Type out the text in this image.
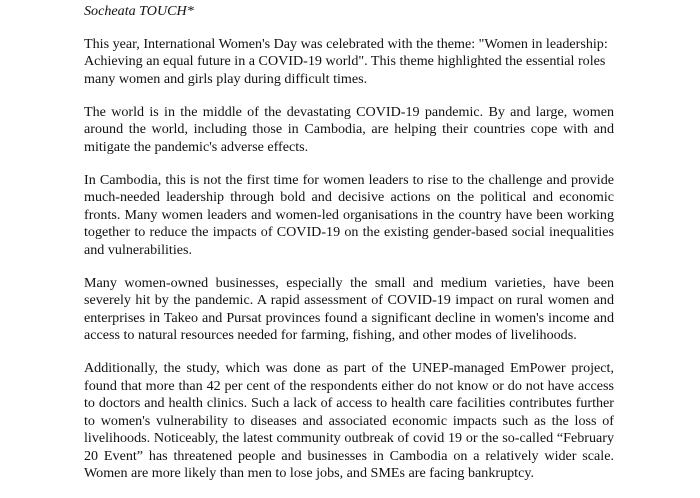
Socheata TOUCH*

This year, International Women's Day was celebrated with the theme: "Women in leadership: Achieving an equal future in a COVID-19 world". This theme highlighted the essential roles many women and girls play during difficult times.

The world is in the middle of the devastating COVID-19 pandemic. By and large, women around the world, including those in Cambodia, are helping their countries cope with and mitigate the pandemic's adverse effects.

In Cambodia, this is not the first time for women leaders to rise to the challenge and provide much-needed leadership through bold and decisive actions on the political and economic fronts. Many women leaders and women-led organisations in the country have been working together to reduce the impacts of COVID-19 on the existing gender-based social inequalities and vulnerabilities.

Many women-owned businesses, especially the small and medium varieties, have been severely hit by the pandemic. A rapid assessment of COVID-19 impact on rural women and enterprises in Takeo and Pursat provinces found a significant decline in women's income and access to natural resources needed for farming, fishing, and other modes of livelihoods.

Additionally, the study, which was done as part of the UNEP-managed EmPower project, found that more than 42 per cent of the respondents either do not know or do not have access to doctors and health clinics. Such a lack of access to health care facilities contributes further to women's vulnerability to diseases and associated economic impacts such as the loss of livelihoods. Noticeably, the latest community outbreak of covid 19 or the so-called “February 20 Event” has threatened people and businesses in Cambodia on a relatively wider scale. Women are more likely than men to lose jobs, and SMEs are facing bankruptcy.
